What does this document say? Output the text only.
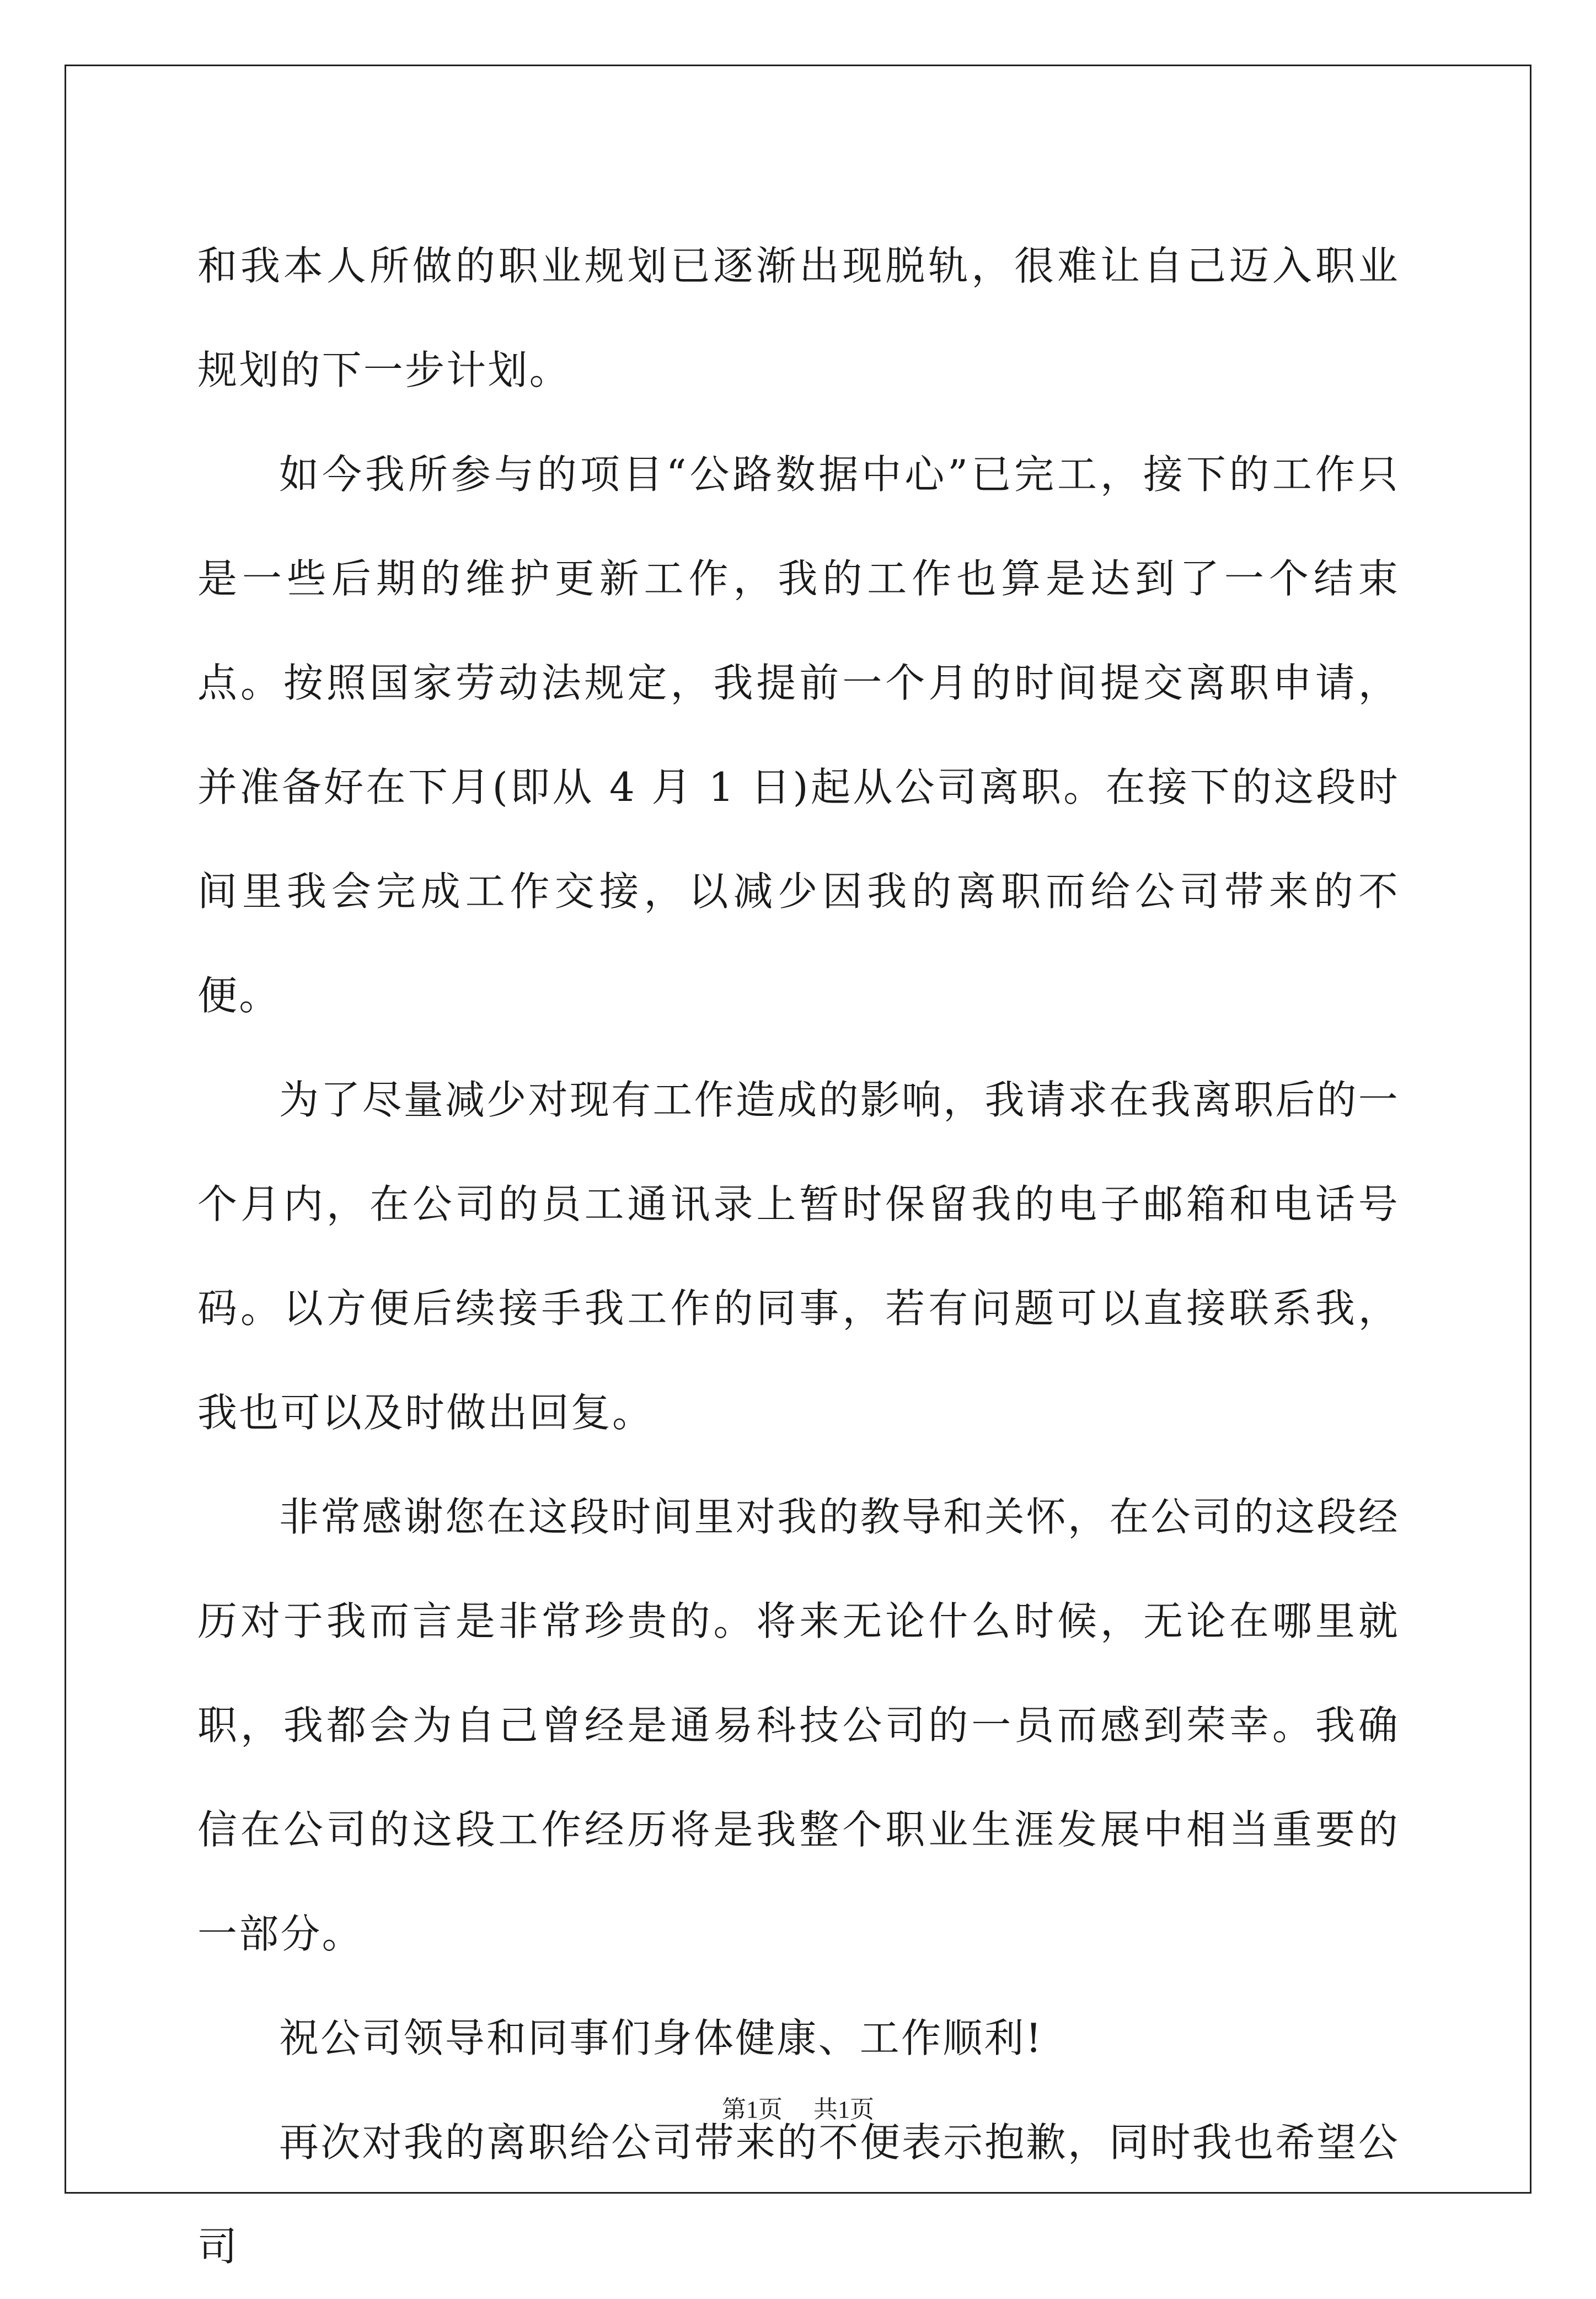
和我本人所做的职业规划已逐渐出现脱轨，很难让自己迈入职业规划的下一步计划。

如今我所参与的项目“公路数据中心”已完工，接下的工作只是一些后期的维护更新工作，我的工作也算是达到了一个结束点。按照国家劳动法规定，我提前一个月的时间提交离职申请，并准备好在下月(即从 4 月 1 日)起从公司离职。在接下的这段时间里我会完成工作交接，以减少因我的离职而给公司带来的不便。

为了尽量减少对现有工作造成的影响，我请求在我离职后的一个月内，在公司的员工通讯录上暂时保留我的电子邮箱和电话号码。以方便后续接手我工作的同事，若有问题可以直接联系我，我也可以及时做出回复。

非常感谢您在这段时间里对我的教导和关怀，在公司的这段经历对于我而言是非常珍贵的。将来无论什么时候，无论在哪里就职，我都会为自己曾经是通易科技公司的一员而感到荣幸。我确信在公司的这段工作经历将是我整个职业生涯发展中相当重要的一部分。

祝公司领导和同事们身体健康、工作顺利!

再次对我的离职给公司带来的不便表示抱歉，同时我也希望公司

第1页 共1页
